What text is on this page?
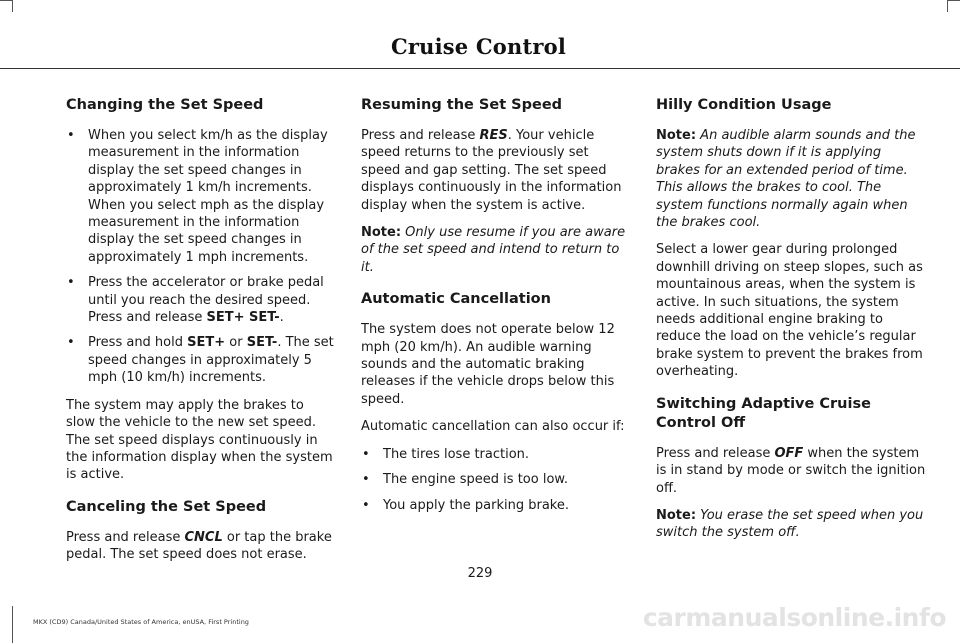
Cruise Control
Changing the Set Speed
• When you select km/h as the display measurement in the information display the set speed changes in approximately 1 km/h increments. When you select mph as the display measurement in the information display the set speed changes in approximately 1 mph increments.
• Press the accelerator or brake pedal until you reach the desired speed. Press and release SET+ SET-.
• Press and hold SET+ or SET-. The set speed changes in approximately 5 mph (10 km/h) increments.

The system may apply the brakes to slow the vehicle to the new set speed. The set speed displays continuously in the information display when the system is active.

Canceling the Set Speed

Press and release CNCL or tap the brake pedal. The set speed does not erase.

Resuming the Set Speed

Press and release RES. Your vehicle speed returns to the previously set speed and gap setting. The set speed displays continuously in the information display when the system is active.

Note: Only use resume if you are aware of the set speed and intend to return to it.

Automatic Cancellation

The system does not operate below 12 mph (20 km/h). An audible warning sounds and the automatic braking releases if the vehicle drops below this speed.

Automatic cancellation can also occur if:

• The tires lose traction.
• The engine speed is too low.
• You apply the parking brake.
Hilly Condition Usage

Note: An audible alarm sounds and the system shuts down if it is applying brakes for an extended period of time. This allows the brakes to cool. The system functions normally again when the brakes cool.

Select a lower gear during prolonged downhill driving on steep slopes, such as mountainous areas, when the system is active. In such situations, the system needs additional engine braking to reduce the load on the vehicle’s regular brake system to prevent the brakes from overheating.

Switching Adaptive Cruise Control Off

Press and release OFF when the system is in stand by mode or switch the ignition off.

Note: You erase the set speed when you switch the system off.

229
MKX (CD9) Canada/United States of America, enUSA, First Printing	carmanualsonline.info
